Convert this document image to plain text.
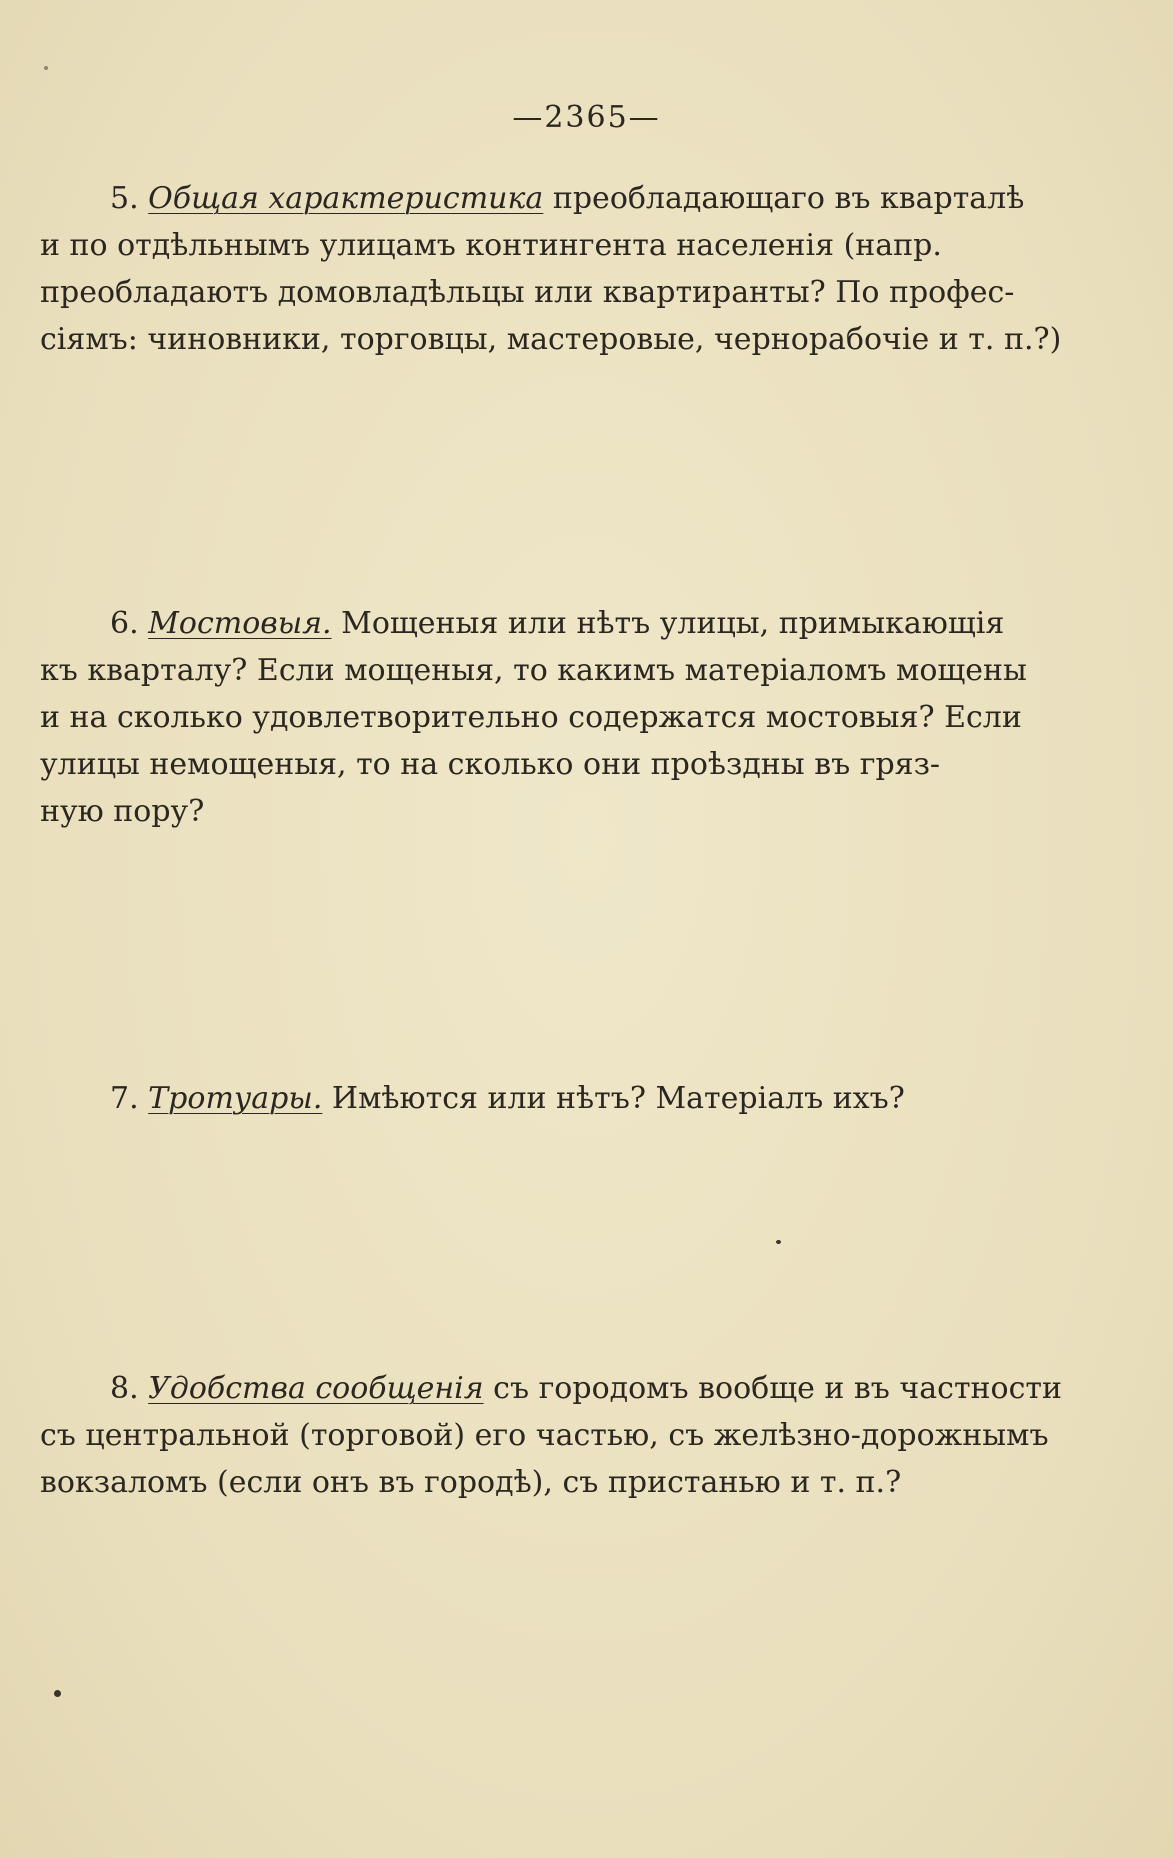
—2365—
5. Общая характеристика преобладающаго въ кварталѣ
и по отдѣльнымъ улицамъ контингента населенія (напр.
преобладаютъ домовладѣльцы или квартиранты? По профес-
сіямъ: чиновники, торговцы, мастеровые, чернорабочіе и т. п.?)
6. Мостовыя. Мощеныя или нѣтъ улицы, примыкающія
къ кварталу? Если мощеныя, то какимъ матеріаломъ мощены
и на сколько удовлетворительно содержатся мостовыя? Если
улицы немощеныя, то на сколько они проѣздны въ гряз-
ную пору?
7. Тротуары. Имѣются или нѣтъ? Матеріалъ ихъ?
8. Удобства сообщенія съ городомъ вообще и въ частности
съ центральной (торговой) его частью, съ желѣзно-дорожнымъ
вокзаломъ (если онъ въ городѣ), съ пристанью и т. п.?
